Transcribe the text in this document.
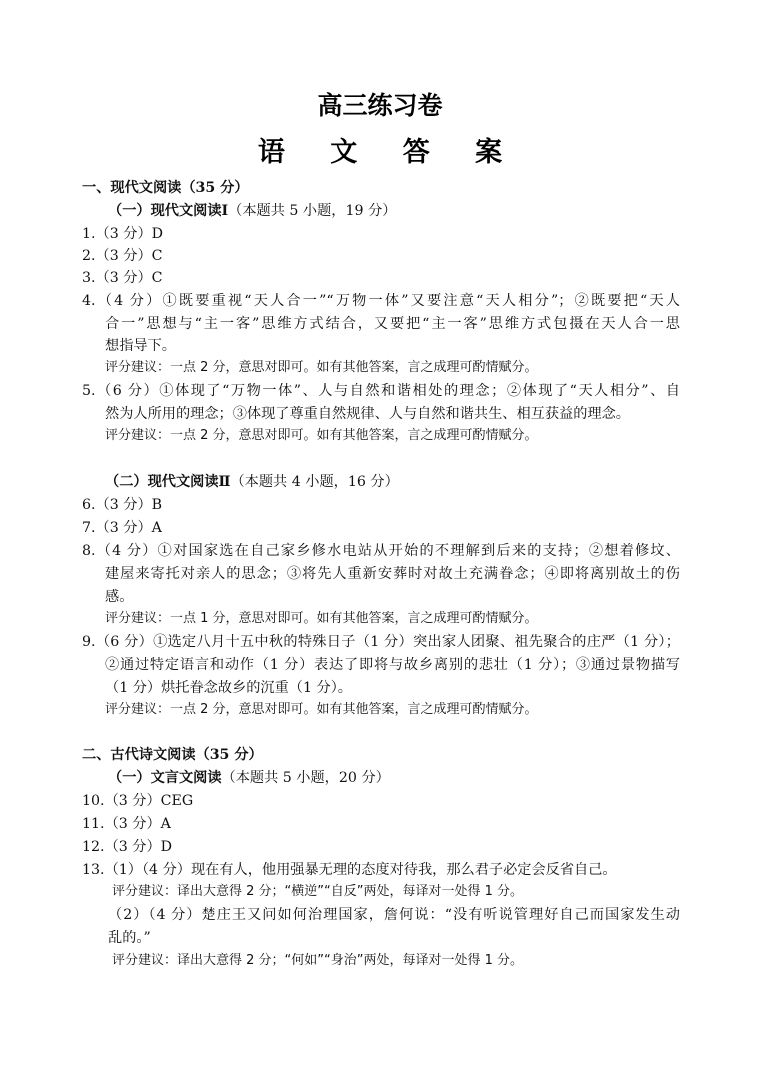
高三练习卷
语 文 答 案
一、现代文阅读（35 分）
（一）现代文阅读Ⅰ（本题共 5 小题，19 分）
1.（3 分）D
2.（3 分）C
3.（3 分）C
4.（4 分）①既要重视“天人合一”“万物一体”又要注意“天人相分”；②既要把“天人
合一”思想与“主一客”思维方式结合，又要把“主一客”思维方式包摄在天人合一思
想指导下。
评分建议：一点 2 分，意思对即可。如有其他答案，言之成理可酌情赋分。
5.（6 分）①体现了“万物一体”、人与自然和谐相处的理念；②体现了“天人相分”、自
然为人所用的理念；③体现了尊重自然规律、人与自然和谐共生、相互获益的理念。
评分建议：一点 2 分，意思对即可。如有其他答案，言之成理可酌情赋分。
（二）现代文阅读Ⅱ（本题共 4 小题，16 分）
6.（3 分）B
7.（3 分）A
8.（4 分）①对国家选在自己家乡修水电站从开始的不理解到后来的支持；②想着修坟、
建屋来寄托对亲人的思念；③将先人重新安葬时对故土充满眷念；④即将离别故土的伤
感。
评分建议：一点 1 分，意思对即可。如有其他答案，言之成理可酌情赋分。
9.（6 分）①选定八月十五中秋的特殊日子（1 分）突出家人团聚、祖先聚合的庄严（1 分）；
②通过特定语言和动作（1 分）表达了即将与故乡离别的悲壮（1 分）；③通过景物描写
（1 分）烘托眷念故乡的沉重（1 分）。
评分建议：一点 2 分，意思对即可。如有其他答案，言之成理可酌情赋分。
二、古代诗文阅读（35 分）
（一）文言文阅读（本题共 5 小题，20 分）
10.（3 分）CEG
11.（3 分）A
12.（3 分）D
13.（1）（4 分）现在有人，他用强暴无理的态度对待我，那么君子必定会反省自己。
评分建议：译出大意得 2 分；“横逆”“自反”两处，每译对一处得 1 分。
（2）（4 分）楚庄王又问如何治理国家，詹何说：“没有听说管理好自己而国家发生动
乱的。”
评分建议：译出大意得 2 分；“何如”“身治”两处，每译对一处得 1 分。
